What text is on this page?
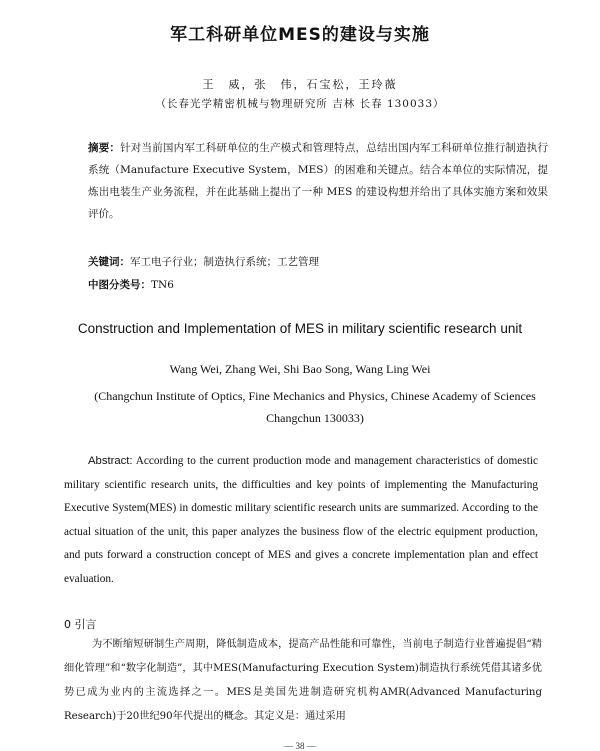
军工科研单位MES的建设与实施
王　威，张　伟，石宝松，王玲薇
（长春光学精密机械与物理研究所 吉林 长春 130033）
摘要：针对当前国内军工科研单位的生产模式和管理特点，总结出国内军工科研单位推行制造执行系统（Manufacture Executive System，MES）的困难和关键点。结合本单位的实际情况，提炼出电装生产业务流程，并在此基础上提出了一种 MES 的建设构想并给出了具体实施方案和效果评价。
关键词：军工电子行业；制造执行系统；工艺管理
中图分类号：TN6
Construction and Implementation of MES in military scientific research unit
Wang Wei, Zhang Wei, Shi Bao Song, Wang Ling Wei
(Changchun Institute of Optics, Fine Mechanics and Physics, Chinese Academy of Sciences Changchun 130033)
Abstract: According to the current production mode and management characteristics of domestic military scientific research units, the difficulties and key points of implementing the Manufacturing Executive System(MES) in domestic military scientific research units are summarized. According to the actual situation of the unit, this paper analyzes the business flow of the electric equipment production, and puts forward a construction concept of MES and gives a concrete implementation plan and effect evaluation.
0 引言
为不断缩短研制生产周期，降低制造成本，提高产品性能和可靠性，当前电子制造行业普遍提倡“精细化管理”和“数字化制造”，其中MES(Manufacturing Execution System)制造执行系统凭借其诸多优势已成为业内的主流选择之一。MES是美国先进制造研究机构AMR(Advanced Manufacturing Research)于20世纪90年代提出的概念。其定义是：通过采用
— 38 —
